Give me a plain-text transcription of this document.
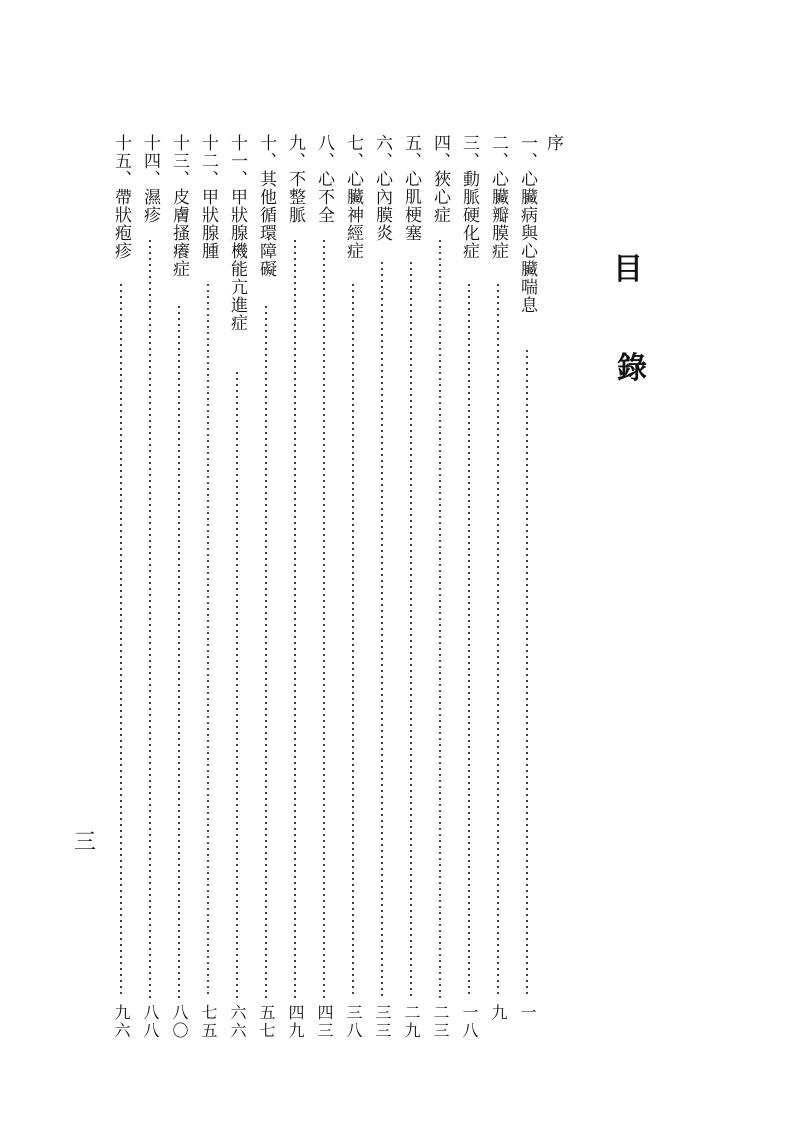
目
錄
序
一、心臟病與心臟喘息
一
二、心臟瓣膜症
九
三、動脈硬化症
一八
四、狹心症
二三
五、心肌梗塞
二九
六、心內膜炎
三三
七、心臟神經症
三八
八、心不全
四三
九、不整脈
四九
十、其他循環障礙
五七
十一、甲狀腺機能亢進症
六六
十二、甲狀腺腫
七五
十三、皮膚搔癢症
八〇
十四、濕疹
八八
十五、帶狀疱疹
九六
三
